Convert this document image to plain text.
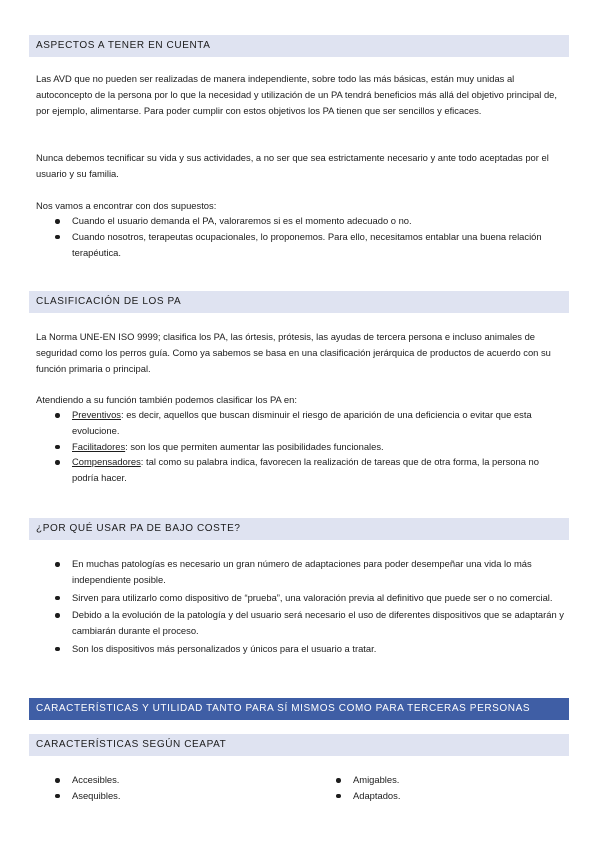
ASPECTOS A TENER EN CUENTA

Las AVD que no pueden ser realizadas de manera independiente, sobre todo las más básicas, están muy unidas al autoconcepto de la persona por lo que la necesidad y utilización de un PA tendrá beneficios más allá del objetivo principal de, por ejemplo, alimentarse. Para poder cumplir con estos objetivos los PA tienen que ser sencillos y eficaces.

Nunca debemos tecnificar su vida y sus actividades, a no ser que sea estrictamente necesario y ante todo aceptadas por el usuario y su familia.

Nos vamos a encontrar con dos supuestos:

Cuando el usuario demanda el PA, valoraremos si es el momento adecuado o no.
Cuando nosotros, terapeutas ocupacionales, lo proponemos. Para ello, necesitamos entablar una buena relación terapéutica.
CLASIFICACIÓN DE LOS PA

La Norma UNE-EN ISO 9999; clasifica los PA, las órtesis, prótesis, las ayudas de tercera persona e incluso animales de seguridad como los perros guía. Como ya sabemos se basa en una clasificación jerárquica de productos de acuerdo con su función primaria o principal.

Atendiendo a su función también podemos clasificar los PA en:

Preventivos: es decir, aquellos que buscan disminuir el riesgo de aparición de una deficiencia o evitar que esta evolucione.
Facilitadores: son los que permiten aumentar las posibilidades funcionales.
Compensadores: tal como su palabra indica, favorecen la realización de tareas que de otra forma, la persona no podría hacer.
¿POR QUÉ USAR PA DE BAJO COSTE?
En muchas patologías es necesario un gran número de adaptaciones para poder desempeñar una vida lo más independiente posible.
Sirven para utilizarlo como dispositivo de “prueba”, una valoración previa al definitivo que puede ser o no comercial.
Debido a la evolución de la patología y del usuario será necesario el uso de diferentes dispositivos que se adaptarán y cambiarán durante el proceso.
Son los dispositivos más personalizados y únicos para el usuario a tratar.
CARACTERÍSTICAS Y UTILIDAD TANTO PARA SÍ MISMOS COMO PARA TERCERAS PERSONAS
CARACTERÍSTICAS SEGÚN CEAPAT
Accesibles.
Asequibles.
Amigables.
Adaptados.
